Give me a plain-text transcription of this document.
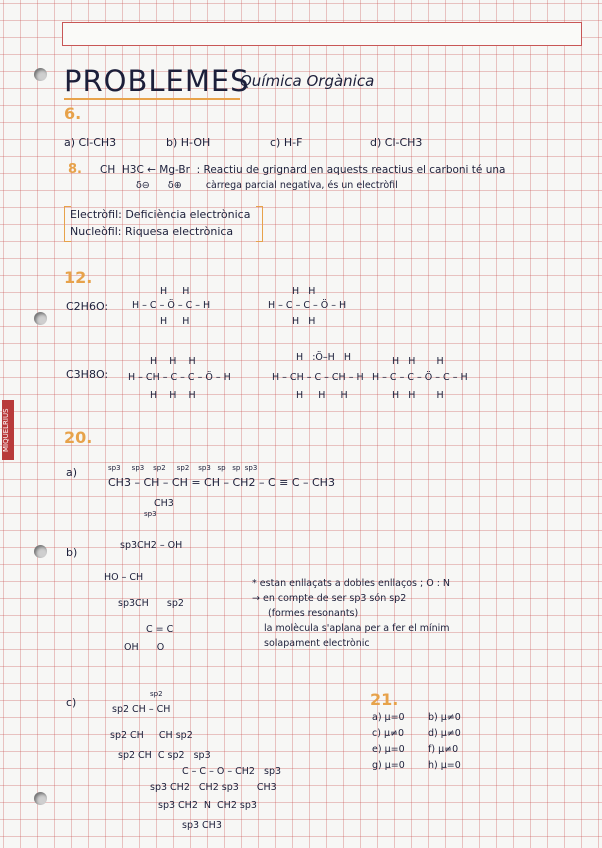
MIQUELRIUS
PROBLEMES
Química Orgànica
6.
a) Cl-CH3	b) H-OH	c) H-F	d) Cl-CH3
8. CH  H3C ← Mg-Br  : Reactiu de grignard en aquests reactius el carboni té una
δ⊖      δ⊕        càrrega parcial negativa, és un electròfil
Electròfil: Deficiència electrònica
Nucleòfil: Riquesa electrònica
12.
C2H6O:
H     H
H – C – Ö – C – H
H     H
H   H
H – C – C – Ö – H
H   H
C3H8O:
H    H    H
H – CH – C – C – Ö – H
H    H    H
H   :Ö–H   H
H – CH – C – CH – H
H     H     H
H   H       H
H – C – C – Ö – C – H
H   H       H
20.
a)	sp3     sp3    sp2     sp2    sp3   sp   sp  sp3
CH3 – CH – CH = CH – CH2 – C ≡ C – CH3
CH3
sp3
b)
sp3CH2 – OH
HO – CH
sp3CH      sp2
C = C
OH      O
* estan enllaçats a dobles enllaços ; O : N
→ en compte de ser sp3 són sp2
(formes resonants)
la molècula s'aplana per a fer el mínim
solapament electrònic
c)
sp2
sp2 CH – CH
sp2 CH     CH sp2
sp2 CH  C sp2   sp3
C – C – O – CH2   sp3
sp3 CH2   CH2 sp3      CH3
sp3 CH2  N  CH2 sp3
sp3 CH3
21.
a) μ=0 b) μ≠0
c) μ≠0	d) μ≠0
e) μ=0 f) μ≠0
g) μ=0 h) μ=0
